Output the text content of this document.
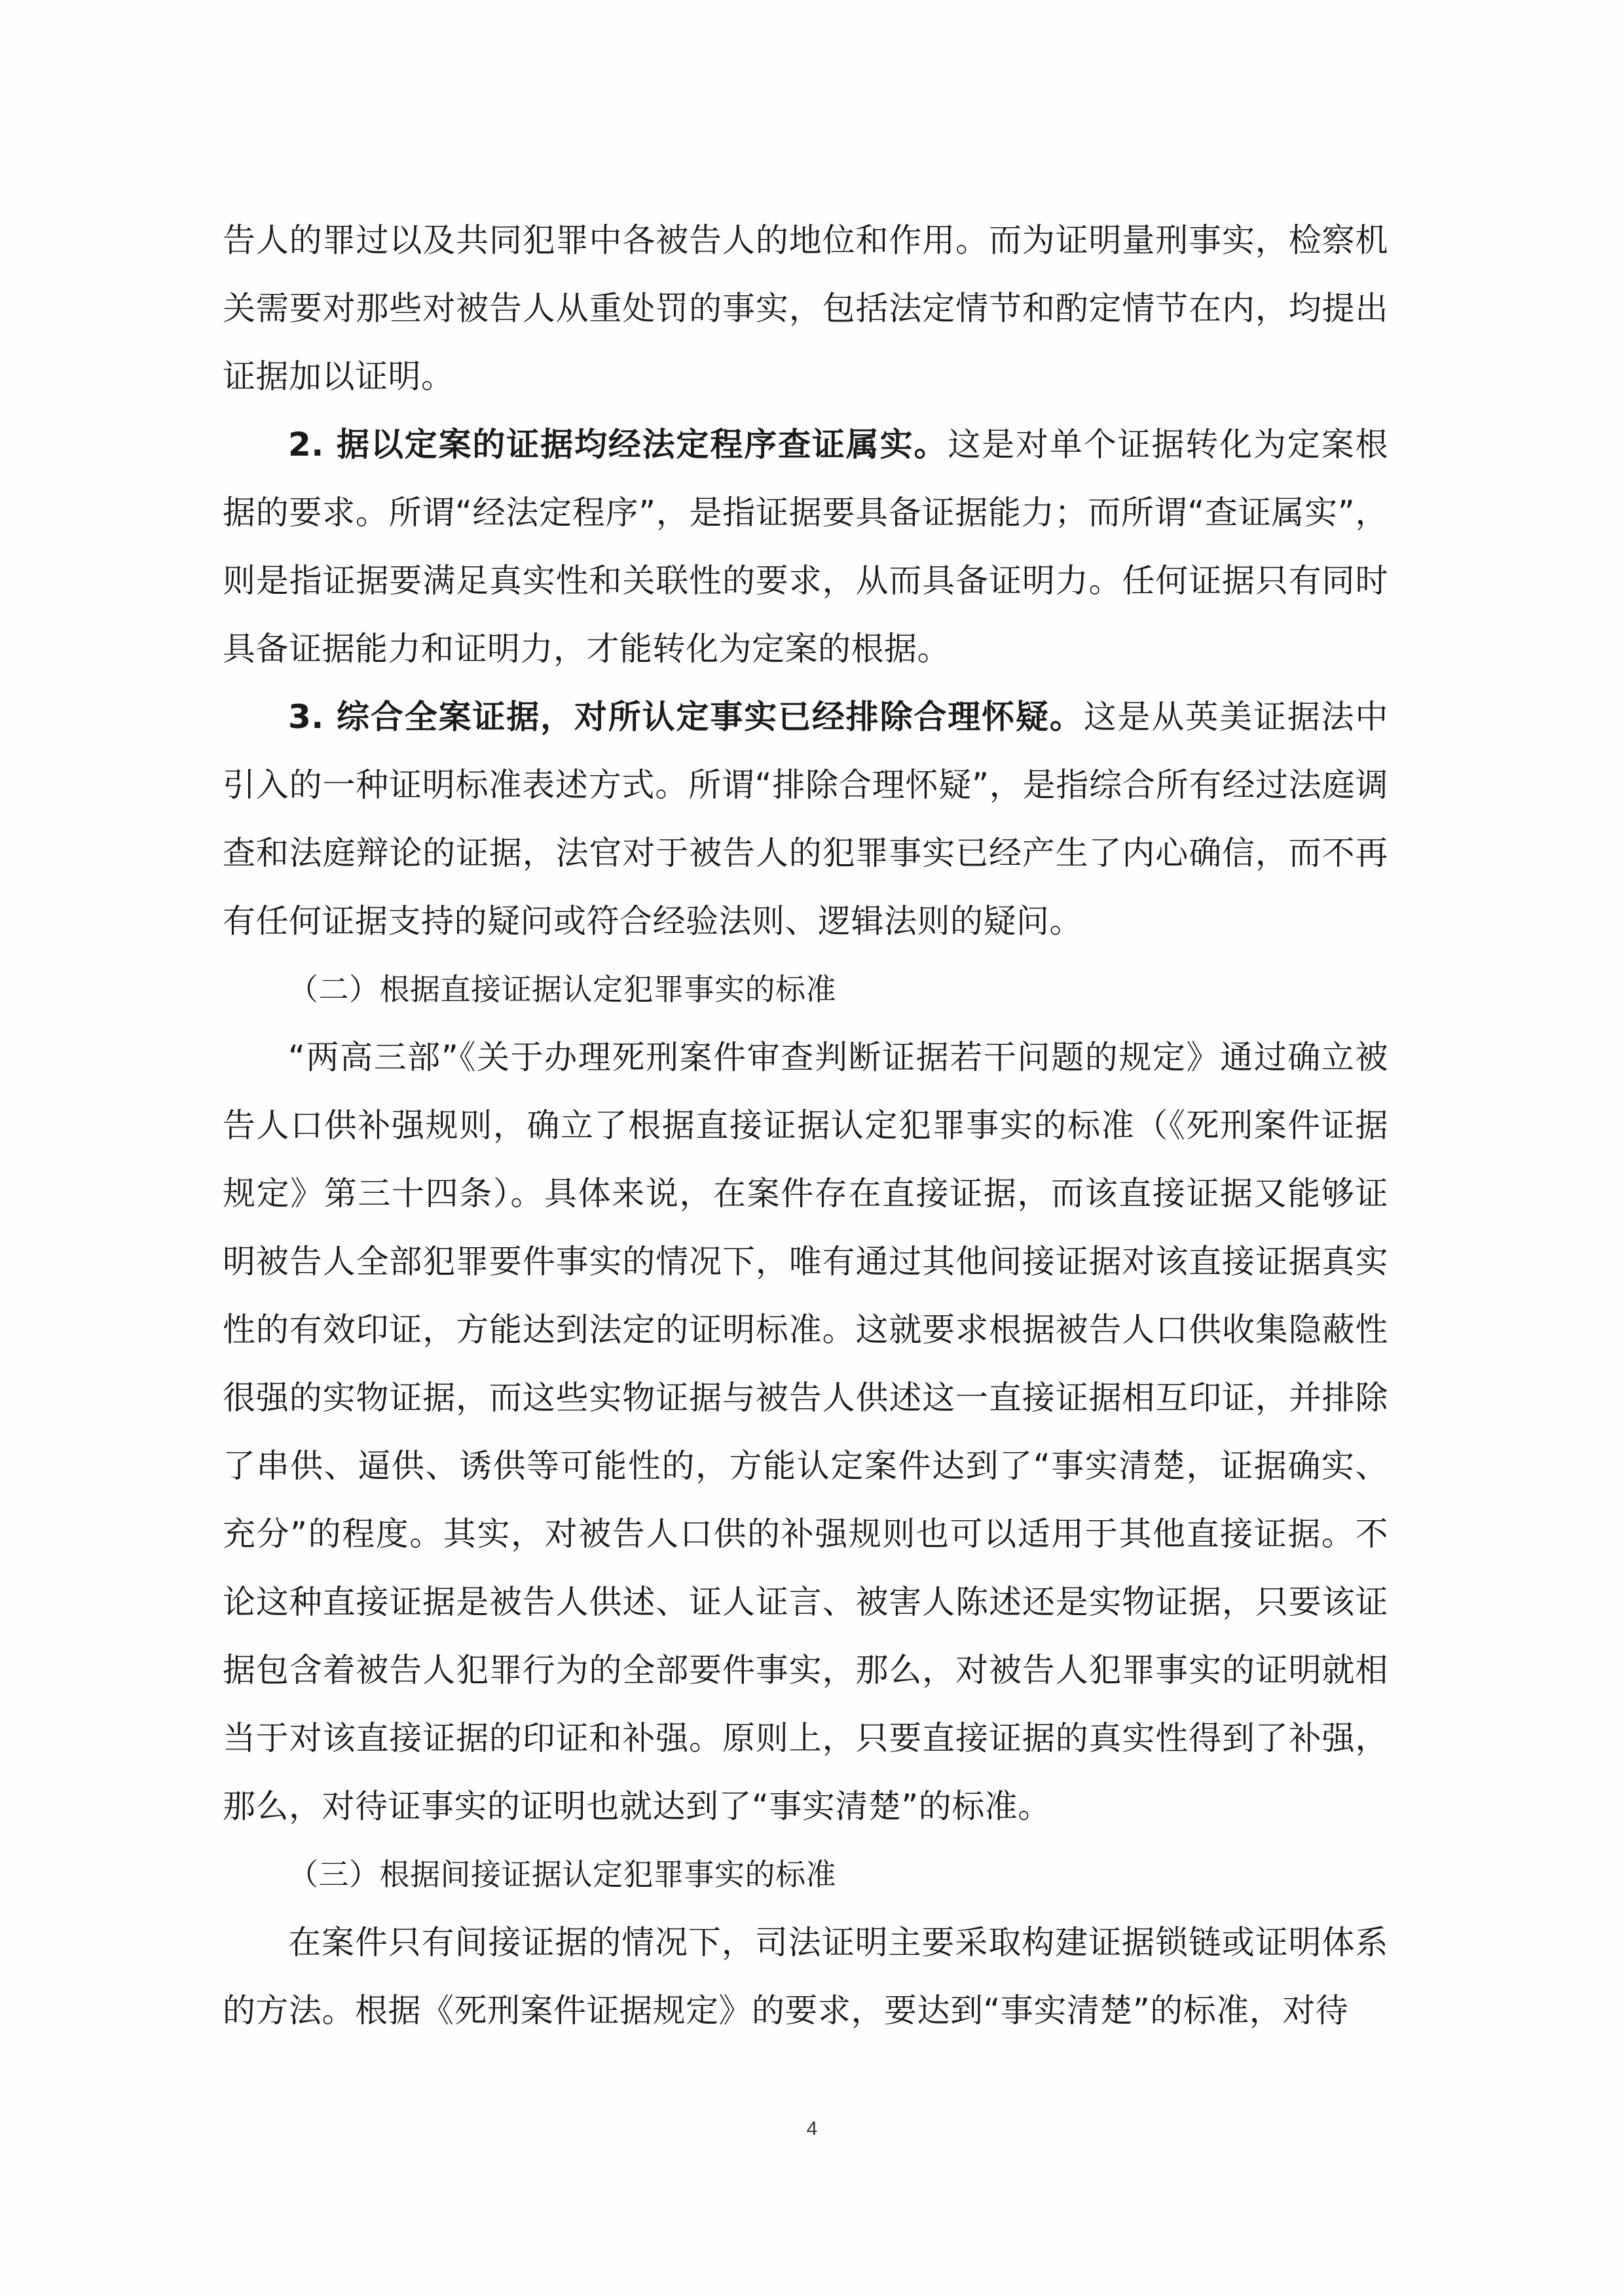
告人的罪过以及共同犯罪中各被告人的地位和作用。而为证明量刑事实，检察机关需要对那些对被告人从重处罚的事实，包括法定情节和酌定情节在内，均提出证据加以证明。

2. 据以定案的证据均经法定程序查证属实。这是对单个证据转化为定案根据的要求。所谓“经法定程序”，是指证据要具备证据能力；而所谓“查证属实”，则是指证据要满足真实性和关联性的要求，从而具备证明力。任何证据只有同时具备证据能力和证明力，才能转化为定案的根据。

3. 综合全案证据，对所认定事实已经排除合理怀疑。这是从英美证据法中引入的一种证明标准表述方式。所谓“排除合理怀疑”，是指综合所有经过法庭调查和法庭辩论的证据，法官对于被告人的犯罪事实已经产生了内心确信，而不再有任何证据支持的疑问或符合经验法则、逻辑法则的疑问。

（二）根据直接证据认定犯罪事实的标准

“两高三部”《关于办理死刑案件审查判断证据若干问题的规定》通过确立被告人口供补强规则，确立了根据直接证据认定犯罪事实的标准（《死刑案件证据规定》第三十四条）。具体来说，在案件存在直接证据，而该直接证据又能够证明被告人全部犯罪要件事实的情况下，唯有通过其他间接证据对该直接证据真实性的有效印证，方能达到法定的证明标准。这就要求根据被告人口供收集隐蔽性很强的实物证据，而这些实物证据与被告人供述这一直接证据相互印证，并排除了串供、逼供、诱供等可能性的，方能认定案件达到了“事实清楚，证据确实、充分”的程度。其实，对被告人口供的补强规则也可以适用于其他直接证据。不论这种直接证据是被告人供述、证人证言、被害人陈述还是实物证据，只要该证据包含着被告人犯罪行为的全部要件事实，那么，对被告人犯罪事实的证明就相当于对该直接证据的印证和补强。原则上，只要直接证据的真实性得到了补强，那么，对待证事实的证明也就达到了“事实清楚”的标准。

（三）根据间接证据认定犯罪事实的标准

在案件只有间接证据的情况下，司法证明主要采取构建证据锁链或证明体系的方法。根据《死刑案件证据规定》的要求，要达到“事实清楚”的标准，对待

4
